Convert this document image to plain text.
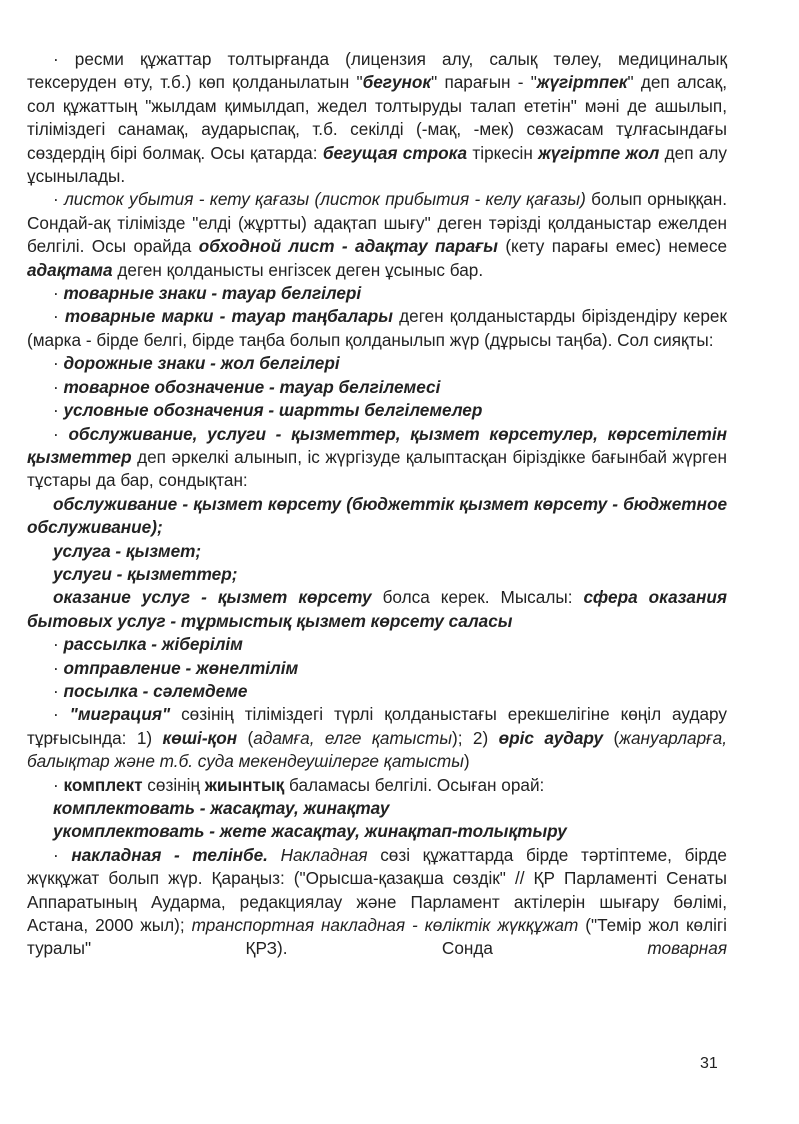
· ресми құжаттар толтырғанда (лицензия алу, салық төлеу, медициналық тексеруден өту, т.б.) көп қолданылатын "бегунок" парағын - "жүгіртпек" деп алсақ, сол құжаттың "жылдам қимылдап, жедел толтыруды талап ететін" мәні де ашылып, тіліміздегі санамақ, аударыспақ, т.б. секілді (-мақ, -мек) сөзжасам тұлғасындағы сөздердің бірі болмақ. Осы қатарда: бегущая строка тіркесін жүгіртпе жол деп алу ұсынылады.

· листок убытия - кету қағазы (листок прибытия - келу қағазы) болып орныққан. Сондай-ақ тілімізде "елді (жұртты) адақтап шығу" деген тәрізді қолданыстар ежелден белгілі. Осы орайда обходной лист - адақтау парағы (кету парағы емес) немесе адақтама деген қолданысты енгізсек деген ұсыныс бар.

· товарные знаки - тауар белгілері

· товарные марки - тауар таңбалары деген қолданыстарды біріздендіру керек (марка - бірде белгі, бірде таңба болып қолданылып жүр (дұрысы таңба). Сол сияқты:

· дорожные знаки - жол белгілері

· товарное обозначение - тауар белгілемесі

· условные обозначения - шартты белгілемелер

· обслуживание, услуги - қызметтер, қызмет көрсетулер, көрсетілетін қызметтер деп әркелкі алынып, іс жүргізуде қалыптасқан біріздікке бағынбай жүрген тұстары да бар, сондықтан:

обслуживание - қызмет көрсету (бюджеттік қызмет көрсету - бюджетное обслуживание);

услуга - қызмет;

услуги - қызметтер;

оказание услуг - қызмет көрсету болса керек. Мысалы: сфера оказания бытовых услуг - тұрмыстық қызмет көрсету саласы

· рассылка - жіберілім

· отправление - жөнелтілім

· посылка - сәлемдеме

· "миграция" сөзінің тіліміздегі түрлі қолданыстағы ерекшелігіне көңіл аудару тұрғысында: 1) көші-қон (адамға, елге қатысты); 2) өріс аудару (жануарларға, балықтар және т.б. суда мекендеушілерге қатысты)

· комплект сөзінің жиынтық баламасы белгілі. Осыған орай:

комплектовать - жасақтау, жинақтау

укомплектовать - жете жасақтау, жинақтап-толықтыру

· накладная - телінбе. Накладная сөзі құжаттарда бірде тәртіптеме, бірде жүкқұжат болып жүр. Қараңыз: ("Орысша-қазақша сөздік" // ҚР Парламенті Сенаты Аппаратының Аудармa, редакциялау және Парламент актілерін шығару бөлімі, Астана, 2000 жыл); транспортная накладная - көліктік жүкқұжат ("Темір жол көлігі туралы" ҚРЗ). Сонда товарная

31
